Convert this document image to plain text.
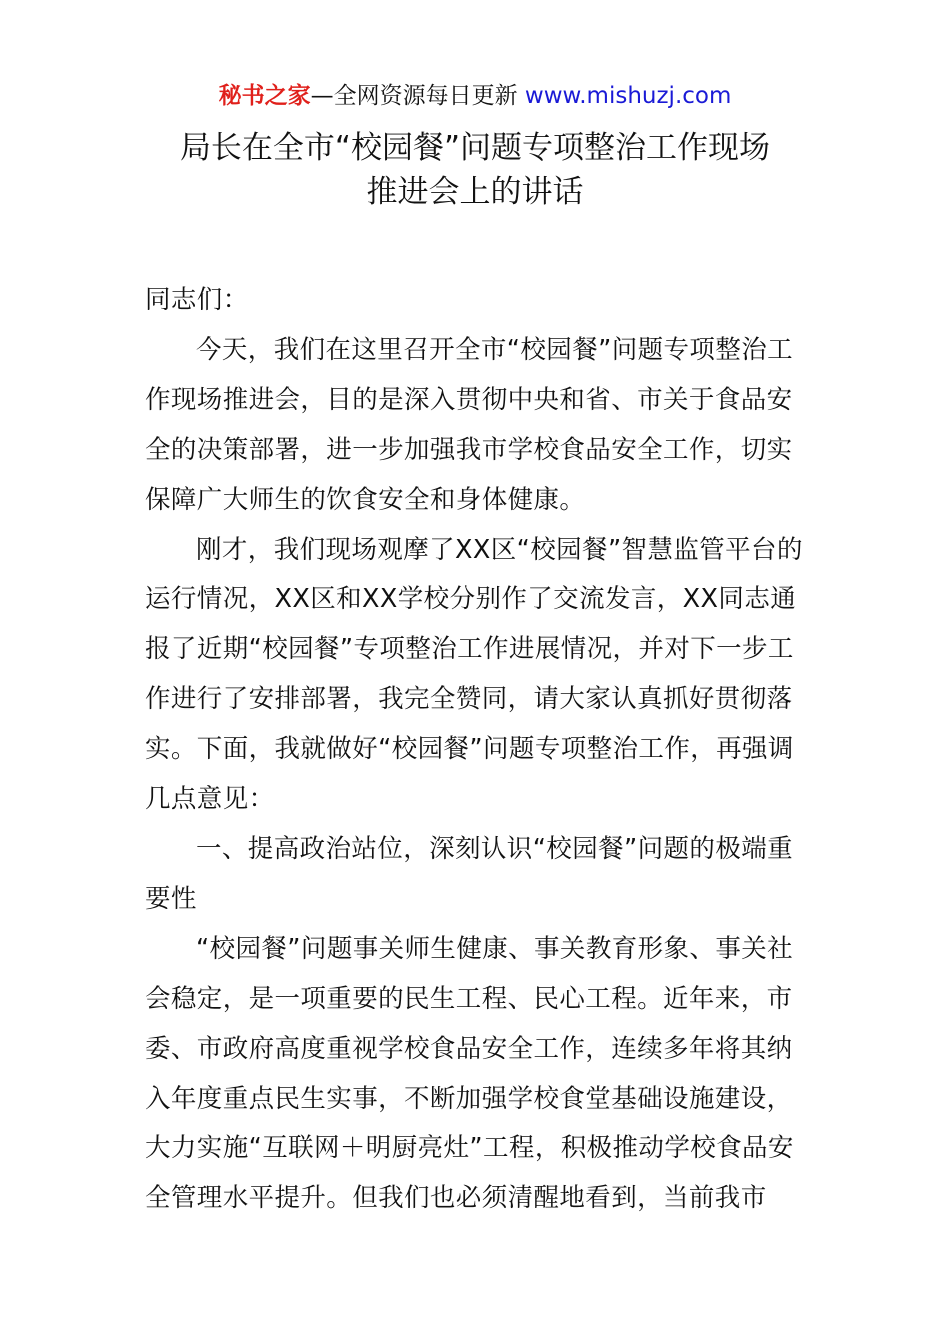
秘书之家—全网资源每日更新 www.mishuzj.com
局长在全市“校园餐”问题专项整治工作现场
推进会上的讲话

同志们：

今天，我们在这里召开全市“校园餐”问题专项整治工作现场推进会，目的是深入贯彻中央和省、市关于食品安全的决策部署，进一步加强我市学校食品安全工作，切实保障广大师生的饮食安全和身体健康。

刚才，我们现场观摩了XX区“校园餐”智慧监管平台的运行情况，XX区和XX学校分别作了交流发言，XX同志通报了近期“校园餐”专项整治工作进展情况，并对下一步工作进行了安排部署，我完全赞同，请大家认真抓好贯彻落实。下面，我就做好“校园餐”问题专项整治工作，再强调几点意见：

一、提高政治站位，深刻认识“校园餐”问题的极端重要性

“校园餐”问题事关师生健康、事关教育形象、事关社会稳定，是一项重要的民生工程、民心工程。近年来，市委、市政府高度重视学校食品安全工作，连续多年将其纳入年度重点民生实事，不断加强学校食堂基础设施建设，大力实施“互联网＋明厨亮灶”工程，积极推动学校食品安全管理水平提升。但我们也必须清醒地看到，当前我市
